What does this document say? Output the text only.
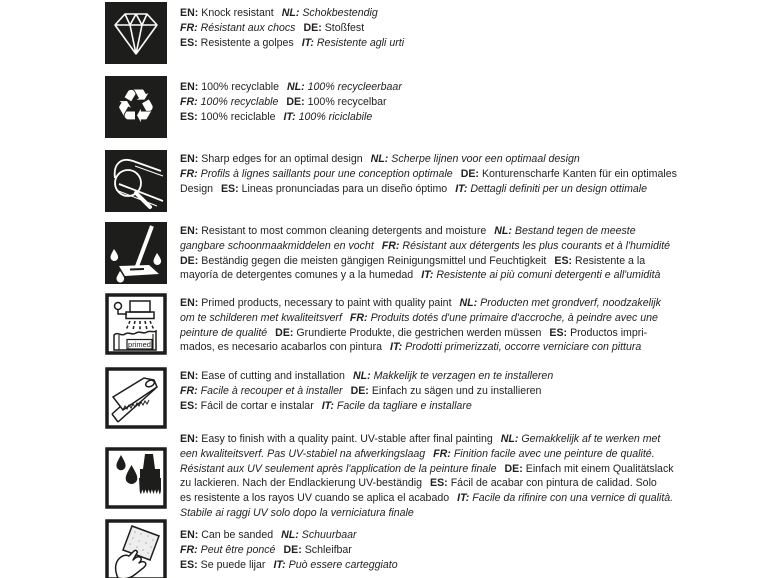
EN : Knock resistant NL : Schokbestendig
FR : Résistant aux chocs DE : Stoßfest
ES : Resistente a golpes IT : Resistente agli urti
♻ EN : 100% recyclable NL : 100% recycleerbaar
FR : 100% recyclable DE : 100% recycelbar
ES : 100% reciclable IT : 100% riciclabile
EN : Sharp edges for an optimal design NL : Scherpe lijnen voor een optimaal design
FR : Profils à lignes saillants pour une conception optimale DE : Konturenscharfe Kanten für ein optimales
Design ES : Lineas pronunciadas para un diseño óptimo IT : Dettagli definiti per un design ottimale
EN : Resistant to most common cleaning detergents and moisture NL : Bestand tegen de meeste
gangbare schoonmaakmiddelen en vocht FR : Résistant aux détergents les plus courants et à l'humidité
DE : Beständig gegen die meisten gängigen Reinigungsmittel und Feuchtigkeit ES : Resistente a la
mayoría de detergentes comunes y a la humedad IT : Resistente ai più comuni detergenti e all'umidità
primed
EN : Primed products, necessary to paint with quality paint NL : Producten met grondverf, noodzakelijk
om te schilderen met kwaliteitsverf FR : Produits dotés d'une primaire d'accroche, à peindre avec une
peinture de qualité DE : Grundierte Produkte, die gestrichen werden müssen ES : Productos impri-
mados, es necesario acabarlos con pintura IT : Prodotti primerizzati, occorre verniciare con pittura
EN : Ease of cutting and installation NL : Makkelijk te verzagen en te installeren
FR : Facile à recouper et à installer DE : Einfach zu sägen und zu installieren
ES : Fácil de cortar e instalar IT : Facile da tagliare e installare
EN : Easy to finish with a quality paint. UV-stable after final painting NL : Gemakkelijk af te werken met
een kwaliteitsverf. Pas UV-stabiel na afwerkingslaag FR : Finition facile avec une peinture de qualité.
Résistant aux UV seulement après l'application de la peinture finale DE : Einfach mit einem Qualitätslack
zu lackieren. Nach der Endlackierung UV-beständig ES : Fácil de acabar con pintura de calidad. Solo
es resistente a los rayos UV cuando se aplica el acabado IT : Facile da rifinire con una vernice di qualità.
Stabile ai raggi UV solo dopo la verniciatura finale
EN : Can be sanded NL : Schuurbaar
FR : Peut être poncé DE : Schleifbar
ES : Se puede lijar IT : Può essere carteggiato
